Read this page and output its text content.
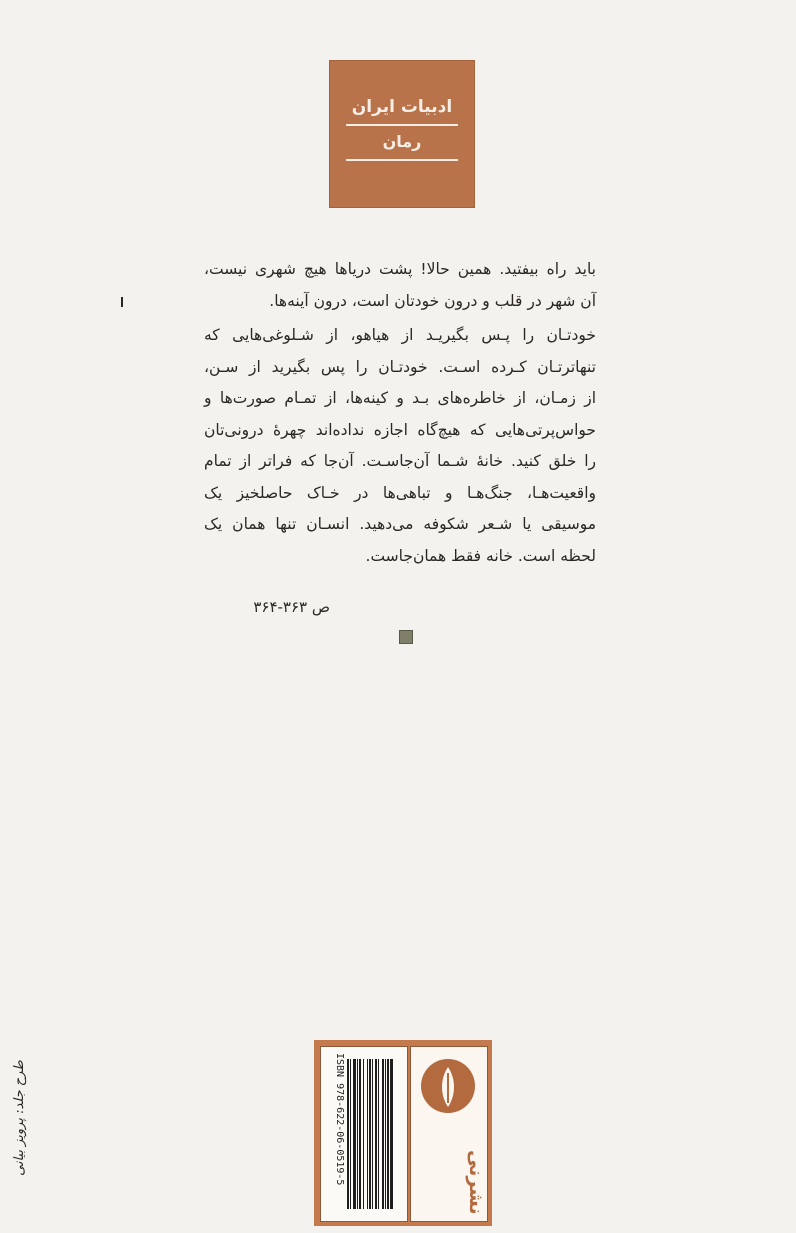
ادبیات ایران
رمان

باید راه بیفتید. همین حالا! پشت دریاها هیچ شهری نیست،
آن شهر در قلب و درون خودتان است، درون آینه‌ها.

خودتـان را پـس بگیریـد از هیاهو، از شـلوغی‌هایی که
تنهاترتـان کـرده اسـت. خودتـان را پس بگیرید از سـن،
از زمـان، از خاطره‌های بـد و کینه‌ها، از تمـام صورت‌ها و
حواس‌پرتی‌هایی که هیچ‌گاه اجازه نداده‌اند چهرهٔ درونی‌تان
را خلق کنید. خانهٔ شـما آن‌جاسـت. آن‌جا که فراتر از تمام
واقعیت‌هـا، جنگ‌هـا و تباهی‌ها در خـاک حاصلخیز یک
موسیقی یا شـعر شکوفه می‌دهید. انسـان تنها همان یک
لحظه است. خانه فقط همان‌جاست.

ص ۳۶۳-۳۶۴
ISBN 978-622-06-0519-5	نشرنی
طرح جلد: پرویز بیانی
